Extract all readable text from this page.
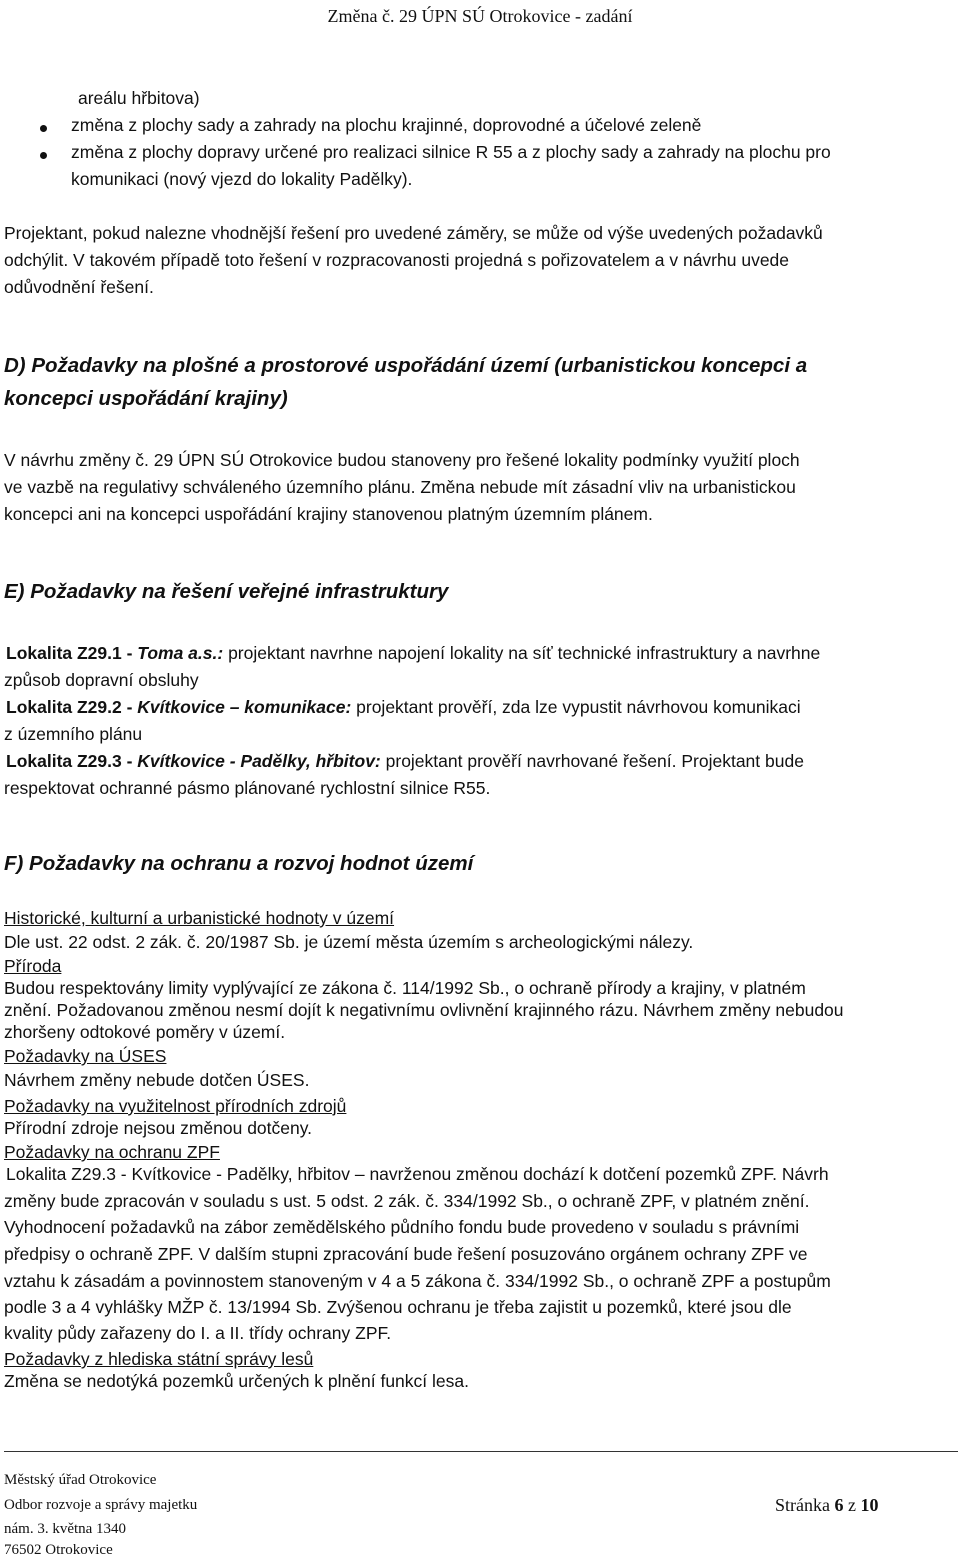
Změna č. 29 ÚPN SÚ Otrokovice - zadání
areálu hřbitova)
změna z plochy sady a zahrady na plochu krajinné, doprovodné a účelové zeleně
změna z plochy dopravy určené pro realizaci silnice R 55 a z plochy sady a zahrady na plochu pro
komunikaci (nový vjezd do lokality Padělky).
Projektant, pokud nalezne vhodnější řešení pro uvedené záměry, se může od výše uvedených požadavků
odchýlit. V takovém případě toto řešení v rozpracovanosti projedná s pořizovatelem a v návrhu uvede
odůvodnění řešení.
D) Požadavky na plošné a prostorové uspořádání území (urbanistickou koncepci a
koncepci uspořádání krajiny)
V návrhu změny č. 29 ÚPN SÚ Otrokovice budou stanoveny pro řešené lokality podmínky využití ploch
ve vazbě na regulativy schváleného územního plánu. Změna nebude mít zásadní vliv na urbanistickou
koncepci ani na koncepci uspořádání krajiny stanovenou platným územním plánem.
E) Požadavky na řešení veřejné infrastruktury
Lokalita Z29.1 - Toma a.s.: projektant navrhne napojení lokality na síť technické infrastruktury a navrhne
způsob dopravní obsluhy
Lokalita Z29.2 - Kvítkovice – komunikace: projektant prověří, zda lze vypustit návrhovou komunikaci
z územního plánu
Lokalita Z29.3 - Kvítkovice - Padělky, hřbitov: projektant prověří navrhované řešení. Projektant bude
respektovat ochranné pásmo plánované rychlostní silnice R55.
F) Požadavky na ochranu a rozvoj hodnot území
Historické, kulturní a urbanistické hodnoty v území
Dle ust. 22 odst. 2 zák. č. 20/1987 Sb. je území města územím s archeologickými nálezy.
Příroda
Budou respektovány limity vyplývající ze zákona č. 114/1992 Sb., o ochraně přírody a krajiny, v platném
znění. Požadovanou změnou nesmí dojít k negativnímu ovlivnění krajinného rázu. Návrhem změny nebudou
zhoršeny odtokové poměry v území.
Požadavky na ÚSES
Návrhem změny nebude dotčen ÚSES.
Požadavky na využitelnost přírodních zdrojů
Přírodní zdroje nejsou změnou dotčeny.
Požadavky na ochranu ZPF
Lokalita Z29.3 - Kvítkovice - Padělky, hřbitov – navrženou změnou dochází k dotčení pozemků ZPF. Návrh
změny bude zpracován v souladu s ust. 5 odst. 2 zák. č. 334/1992 Sb., o ochraně ZPF, v platném znění.
Vyhodnocení požadavků na zábor zemědělského půdního fondu bude provedeno v souladu s právními
předpisy o ochraně ZPF. V dalším stupni zpracování bude řešení posuzováno orgánem ochrany ZPF ve
vztahu k zásadám a povinnostem stanoveným v 4 a 5 zákona č. 334/1992 Sb., o ochraně ZPF a postupům
podle 3 a 4 vyhlášky MŽP č. 13/1994 Sb. Zvýšenou ochranu je třeba zajistit u pozemků, které jsou dle
kvality půdy zařazeny do I. a II. třídy ochrany ZPF.
Požadavky z hlediska státní správy lesů
Změna se nedotýká pozemků určených k plnění funkcí lesa.
Městský úřad Otrokovice
Odbor rozvoje a správy majetku
nám. 3. května 1340
76502 Otrokovice
Stránka 6 z 10
